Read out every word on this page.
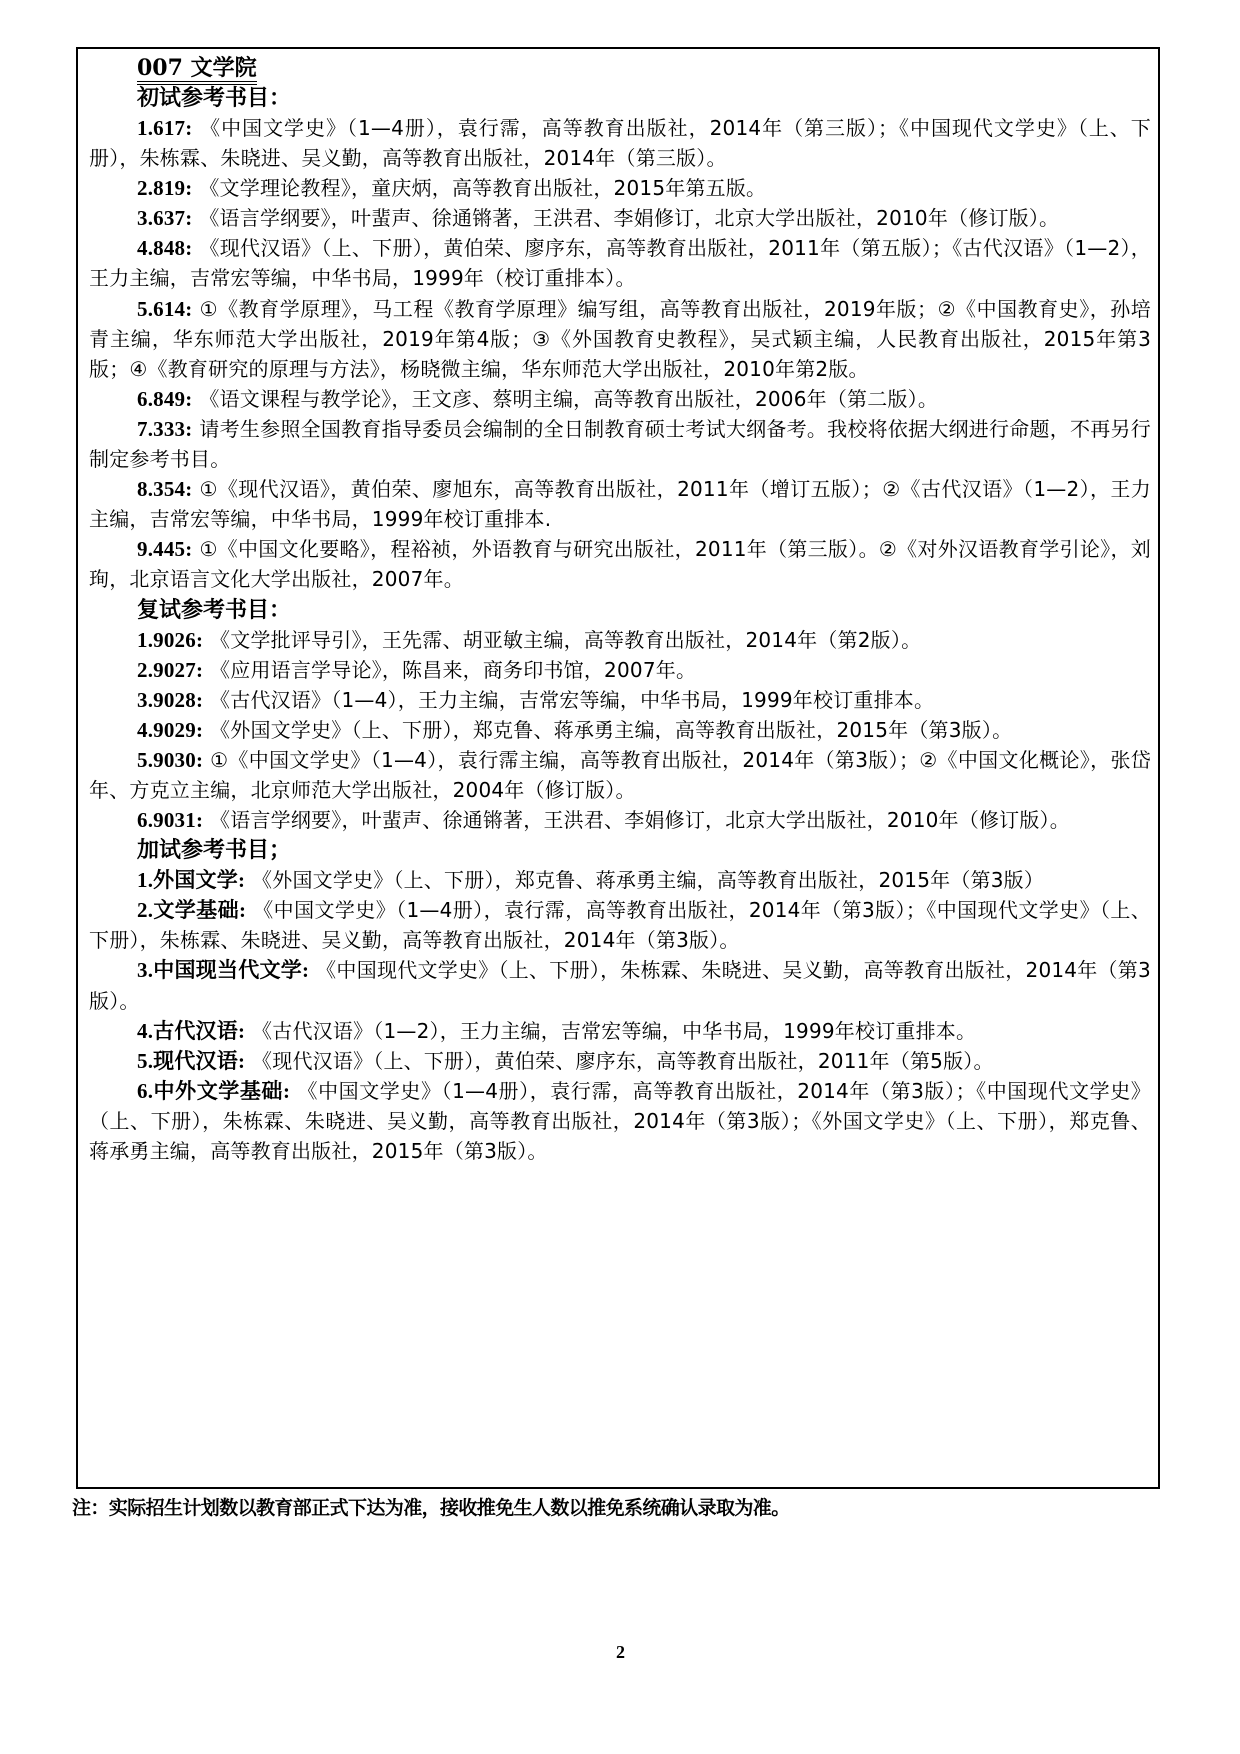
007 文学院

初试参考书目：

1.617: 《中国文学史》（1—4册），袁行霈，高等教育出版社，2014年（第三版）；《中国现代文学史》（上、下册），朱栋霖、朱晓进、吴义勤，高等教育出版社，2014年（第三版）。

2.819: 《文学理论教程》，童庆炳，高等教育出版社，2015年第五版。

3.637: 《语言学纲要》，叶蜚声、徐通锵著，王洪君、李娟修订，北京大学出版社，2010年（修订版）。

4.848: 《现代汉语》（上、下册），黄伯荣、廖序东，高等教育出版社，2011年（第五版）；《古代汉语》（1—2），王力主编，吉常宏等编，中华书局，1999年（校订重排本）。

5.614: ①《教育学原理》，马工程《教育学原理》编写组，高等教育出版社，2019年版；②《中国教育史》，孙培青主编，华东师范大学出版社，2019年第4版；③《外国教育史教程》，吴式颖主编，人民教育出版社，2015年第3版；④《教育研究的原理与方法》，杨晓微主编，华东师范大学出版社，2010年第2版。

6.849: 《语文课程与教学论》，王文彦、蔡明主编，高等教育出版社，2006年（第二版）。

7.333: 请考生参照全国教育指导委员会编制的全日制教育硕士考试大纲备考。我校将依据大纲进行命题，不再另行制定参考书目。

8.354: ①《现代汉语》，黄伯荣、廖旭东，高等教育出版社，2011年（增订五版）；②《古代汉语》（1—2），王力主编，吉常宏等编，中华书局，1999年校订重排本.

9.445: ①《中国文化要略》，程裕祯，外语教育与研究出版社，2011年（第三版）。②《对外汉语教育学引论》，刘珣，北京语言文化大学出版社，2007年。

复试参考书目：

1.9026: 《文学批评导引》，王先霈、胡亚敏主编，高等教育出版社，2014年（第2版）。

2.9027: 《应用语言学导论》，陈昌来，商务印书馆，2007年。

3.9028: 《古代汉语》（1—4），王力主编，吉常宏等编，中华书局，1999年校订重排本。

4.9029: 《外国文学史》（上、下册），郑克鲁、蒋承勇主编，高等教育出版社，2015年（第3版）。

5.9030: ①《中国文学史》（1—4），袁行霈主编，高等教育出版社，2014年（第3版）；②《中国文化概论》，张岱年、方克立主编，北京师范大学出版社，2004年（修订版）。

6.9031: 《语言学纲要》，叶蜚声、徐通锵著，王洪君、李娟修订，北京大学出版社，2010年（修订版）。

加试参考书目；

1.外国文学: 《外国文学史》（上、下册），郑克鲁、蒋承勇主编，高等教育出版社，2015年（第3版）

2.文学基础: 《中国文学史》（1—4册），袁行霈，高等教育出版社，2014年（第3版）；《中国现代文学史》（上、下册），朱栋霖、朱晓进、吴义勤，高等教育出版社，2014年（第3版）。

3.中国现当代文学: 《中国现代文学史》（上、下册），朱栋霖、朱晓进、吴义勤，高等教育出版社，2014年（第3版）。

4.古代汉语: 《古代汉语》（1—2），王力主编，吉常宏等编，中华书局，1999年校订重排本。

5.现代汉语: 《现代汉语》（上、下册），黄伯荣、廖序东，高等教育出版社，2011年（第5版）。

6.中外文学基础: 《中国文学史》（1—4册），袁行霈，高等教育出版社，2014年（第3版）；《中国现代文学史》（上、下册），朱栋霖、朱晓进、吴义勤，高等教育出版社，2014年（第3版）；《外国文学史》（上、下册），郑克鲁、蒋承勇主编，高等教育出版社，2015年（第3版）。

注：实际招生计划数以教育部正式下达为准，接收推免生人数以推免系统确认录取为准。
2
